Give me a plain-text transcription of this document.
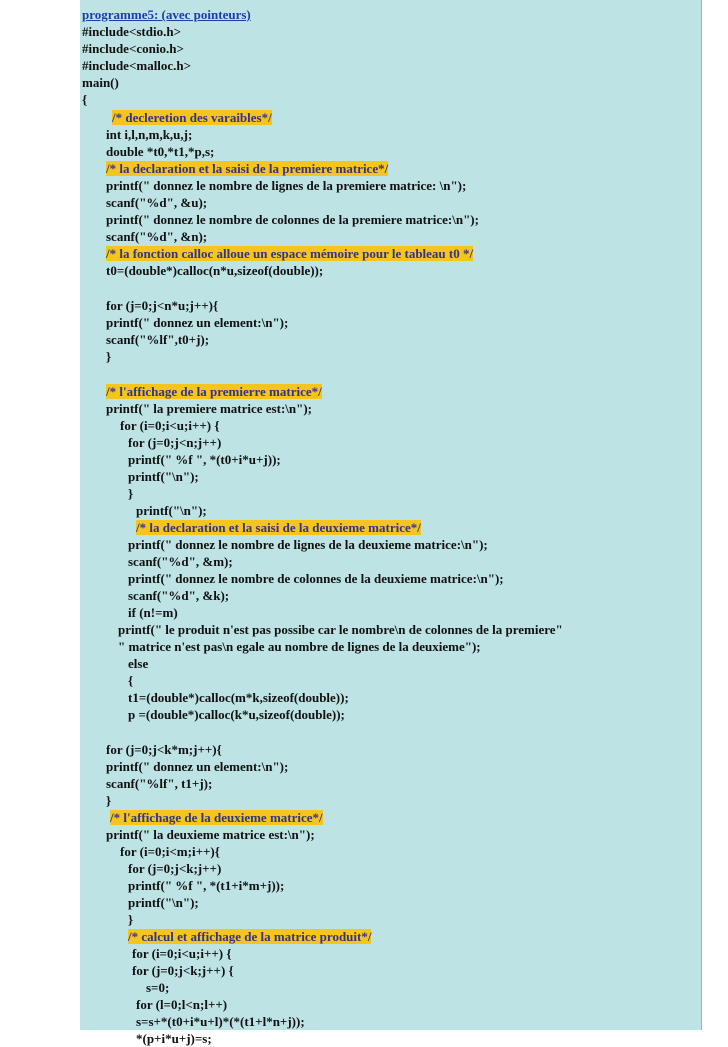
programme5: (avec pointeurs)
#include<stdio.h>
#include<conio.h>
#include<malloc.h>
main()
{
/* decleretion des varaibles*/
int i,l,n,m,k,u,j;
double *t0,*t1,*p,s;
/* la declaration et la saisi de la premiere matrice*/
printf(" donnez le nombre de lignes de la premiere matrice: \n");
scanf("%d", &u);
printf(" donnez le nombre de colonnes de la premiere matrice:\n");
scanf("%d", &n);
/* la fonction calloc alloue un espace mémoire pour le tableau t0 */
t0=(double*)calloc(n*u,sizeof(double));
for (j=0;j<n*u;j++){
printf(" donnez un element:\n");
scanf("%lf",t0+j);
}
/* l'affichage de la premierre matrice*/
printf(" la premiere matrice est:\n");
for (i=0;i<u;i++) {
for (j=0;j<n;j++)
printf(" %f ", *(t0+i*u+j));
printf("\n");
}
printf("\n");
/* la declaration et la saisi de la deuxieme matrice*/
printf(" donnez le nombre de lignes de la deuxieme matrice:\n");
scanf("%d", &m);
printf(" donnez le nombre de colonnes de la deuxieme matrice:\n");
scanf("%d", &k);
if (n!=m)
printf(" le produit n'est pas possibe car le nombre\n de colonnes de la premiere"
" matrice n'est pas\n egale au nombre de lignes de la deuxieme");
else
{
t1=(double*)calloc(m*k,sizeof(double));
p =(double*)calloc(k*u,sizeof(double));
for (j=0;j<k*m;j++){
printf(" donnez un element:\n");
scanf("%lf", t1+j);
}
/* l'affichage de la deuxieme matrice*/
printf(" la deuxieme matrice est:\n");
for (i=0;i<m;i++){
for (j=0;j<k;j++)
printf(" %f ", *(t1+i*m+j));
printf("\n");
}
/* calcul et affichage de la matrice produit*/
for (i=0;i<u;i++) {
for (j=0;j<k;j++) {
s=0;
for (l=0;l<n;l++)
s=s+*(t0+i*u+l)*(*(t1+l*n+j));
*(p+i*u+j)=s;
